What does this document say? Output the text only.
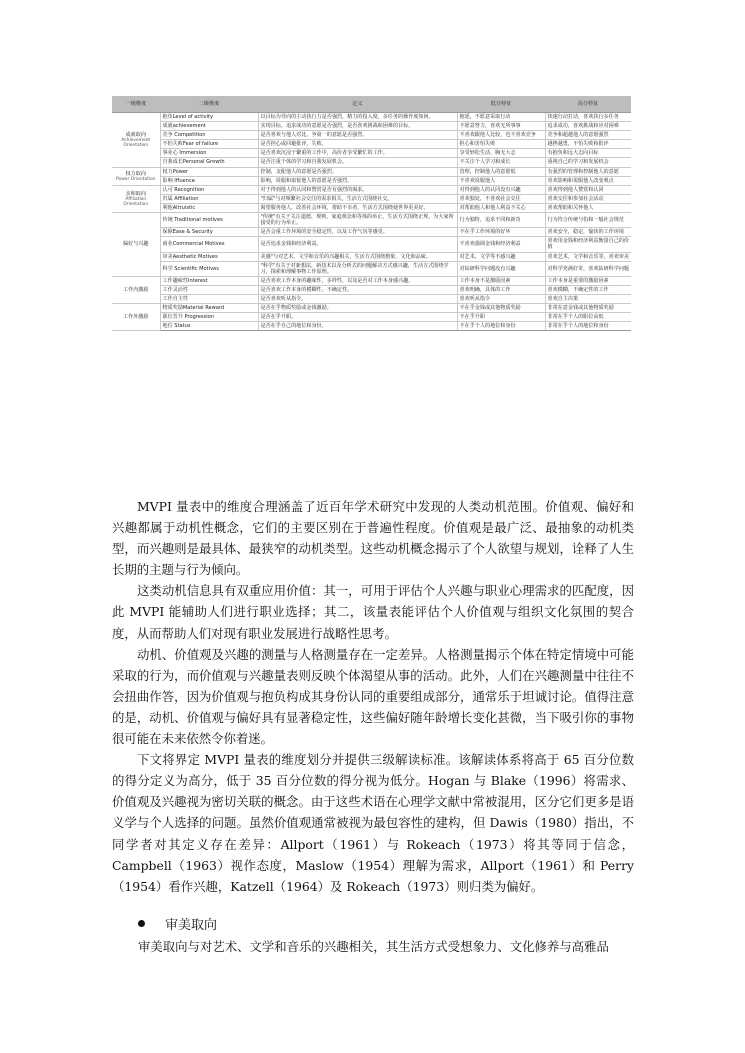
一级维度	二级维度	定义	低分特征	高分特征
成就取向
Achievement Orientation	抱负Level of activity	以目标为导向的主动执行力是否强烈，精力的投入度，多任务的操作度如何。	拖延，不愿意采取行动	快速行动打动，喜欢执行多任务
	成就achievement	实现目标，追求成功的意愿是否强烈，是否喜欢挑战和困难的目标。	不愿意努力，喜欢无所事事	追求成功，喜欢挑战和应对困难
	竞争 Competition	是否喜欢与他人对比，争第一的意愿是否强烈。	不喜欢跟他人比较，也不喜欢竞争	竞争和超越他人的意愿强烈
	不怕失败Fear of failure	是否担心或回避批评，失败。	担心和害怕失败	越挫越勇，不怕失败和批评
	事业心 Immersion	是否喜欢沉浸于繁重的工作中，高价者享受繁忙的工作。	享受轻松生活，胸无大志	有抱负和远大志向目标
	自我成长Personal Growth	是否注重个体的学习和自我发展机会。	不关注个人学习和成长	重视自己的学习和发展机会
权力取向
Power Orientation	权力Power	控制，支配他人的意愿是否强烈。	管理，控制他人的意愿低	有强烈的管理和控制他人的意愿
	影响 Iffuence	影响，说服和取悦他人的意愿是否强烈。	不喜欢说服他人	喜欢影响和说服他人改变观点
亲和取向
Affiliation Orientation	认可 Recognition	对于得到他人的认同和赞赏是否有强烈的渴求。	对得到他人的认同没有兴趣	喜欢得到他人赞赏和认同
	归属 Affiliation	"归属"与对频繁社会交往的需求相关，生活方式围绕社交。	喜欢独处，不喜欢社会交往	喜欢交往和参加社会活动
	利他Altruistic	渴望服务他人，改善社会环境，帮助不幸者，生活方式围绕使世界更美好。	对帮助他人和他人利益不关心	喜欢帮助和关怀他人
偏好与兴趣	传统 Traditional motives	"传统"有关于关注道德，规则，家庭观念和等体的举止，生活方式围绕正规，为大家所接受的行为举止。	行为独特，追求不同和新奇	行为符合传统与俗和一般社会规范
	保障Ease & Security	是否会重工作环境的安全稳定性，以及工作气氛等感受。	不在乎工作环境的好坏	喜欢安全，稳定，愉快的工作环境
	商业Commercial Motives	是否追求金钱和经济利益。	不喜欢强调金钱和经济利益	喜欢用金钱和经济利益衡量自己的价值
	审美Aesthetic Motives	美感"与对艺术，文学和音乐的兴趣相关，生活方式围绕想象，文化和品味。	对艺术，文学等不感兴趣	喜欢艺术，文学和音乐等，喜欢审美
	科学 Scientific Motives	"科学"有关于对新想法，新技术以及分析式的问题解决方式感兴趣，生活方式围绕学习，探索和理解事物工作原理。	对钻研科学问题没有兴趣	对科学充满好奇，喜欢钻研科学问题
工作内激励	工作趣味性Interest	是否喜欢工作本身的趣味性，多样性，以及是否对工作本身感兴趣。	工作本身不是激励因素	工作本身是重要的激励因素
	工作灵活性	是否喜欢工作本身的模糊性，不确定性。	喜欢明确，具体的工作	喜欢模糊，不确定性的工作
	工作自主性	是否喜欢听从指令。	喜欢听从指令	喜欢自主决策
工作外激励	物质奖励Material Reward	是否在乎物质奖励或金钱激励。	不在乎金钱或其他物质奖励	非常在意金钱或其他物质奖励
	职位晋升 Progression	是否在乎升职。	不在乎升职	非常在乎个人的职位高低
	地位 Status	是否在乎自己的地位和身份。	不在乎个人的地位和身份	非常在乎个人的地位和身份

MVPI 量表中的维度合理涵盖了近百年学术研究中发现的人类动机范围。价值观、偏好和兴趣都属于动机性概念，它们的主要区别在于普遍性程度。价值观是最广泛、最抽象的动机类型，而兴趣则是最具体、最狭窄的动机类型。这些动机概念揭示了个人欲望与规划，诠释了人生长期的主题与行为倾向。

这类动机信息具有双重应用价值：其一，可用于评估个人兴趣与职业心理需求的匹配度，因此 MVPI 能辅助人们进行职业选择；其二，该量表能评估个人价值观与组织文化氛围的契合度，从而帮助人们对现有职业发展进行战略性思考。

动机、价值观及兴趣的测量与人格测量存在一定差异。人格测量揭示个体在特定情境中可能采取的行为，而价值观与兴趣量表则反映个体渴望从事的活动。此外，人们在兴趣测量中往往不会扭曲作答，因为价值观与抱负构成其身份认同的重要组成部分，通常乐于坦诚讨论。值得注意的是，动机、价值观与偏好具有显著稳定性，这些偏好随年龄增长变化甚微，当下吸引你的事物很可能在未来依然令你着迷。

下文将界定 MVPI 量表的维度划分并提供三级解读标准。该解读体系将高于 65 百分位数的得分定义为高分，低于 35 百分位数的得分视为低分。Hogan 与 Blake（1996）将需求、价值观及兴趣视为密切关联的概念。由于这些术语在心理学文献中常被混用，区分它们更多是语义学与个人选择的问题。虽然价值观通常被视为最包容性的建构，但 Dawis（1980）指出，不同学者对其定义存在差异：Allport（1961）与 Rokeach（1973）将其等同于信念，Campbell（1963）视作态度，Maslow（1954）理解为需求，Allport（1961）和 Perry（1954）看作兴趣，Katzell（1964）及 Rokeach（1973）则归类为偏好。

审美取向
审美取向与对艺术、文学和音乐的兴趣相关，其生活方式受想象力、文化修养与高雅品
